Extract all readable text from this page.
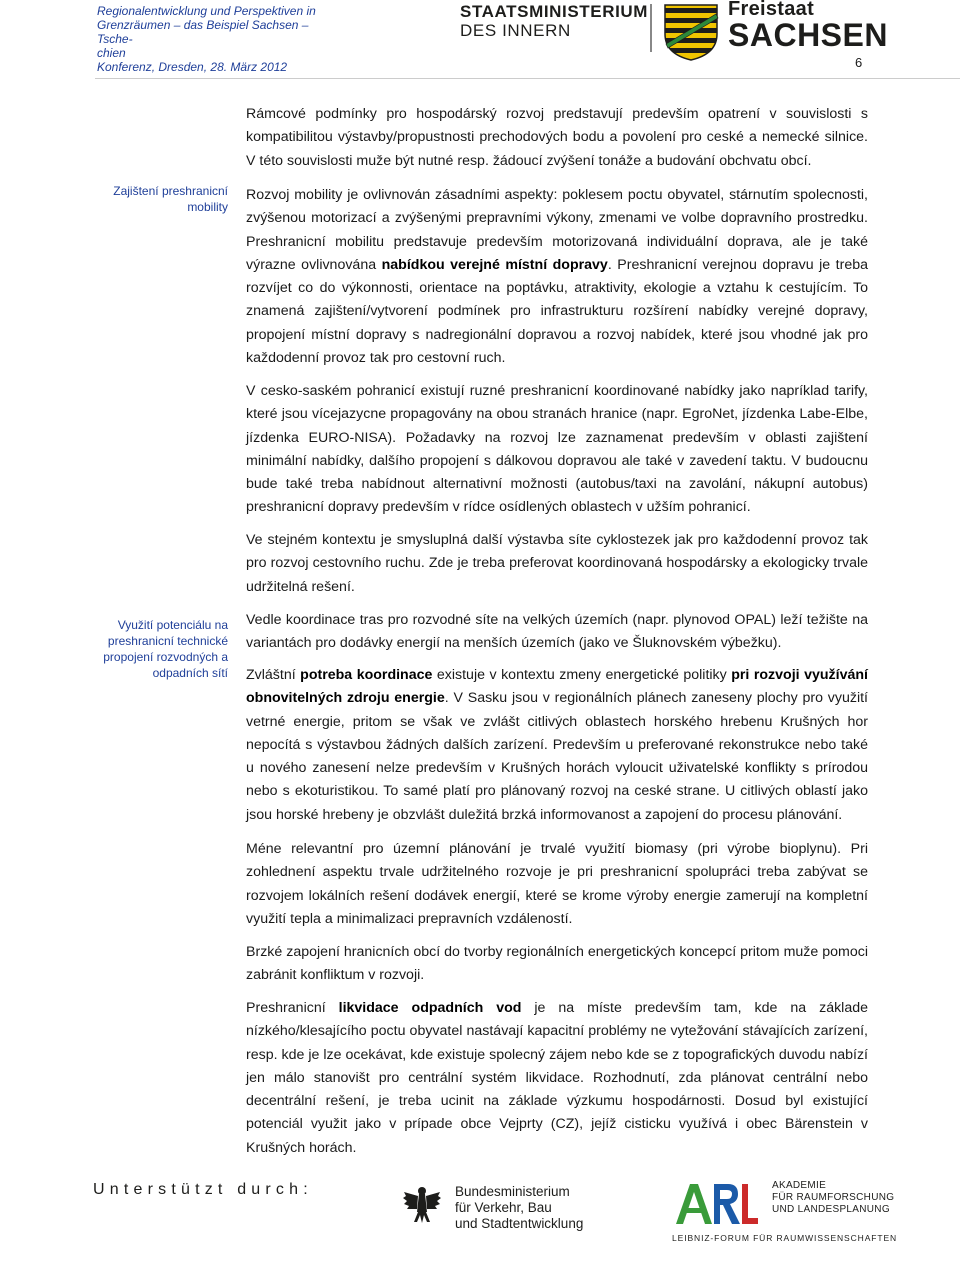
Regionalentwicklung und Perspektiven in
Grenzräumen – das Beispiel Sachsen – Tsche-
chien
Konferenz, Dresden, 28. März 2012
STAATSMINISTERIUM
DES INNERN
Freistaat
SACHSEN
6
Zajištení preshranicní
mobility
Využití potenciálu na
preshranicní technické
propojení rozvodných a
odpadních sítí

Rámcové podmínky pro hospodárský rozvoj predstavují predevším opatrení v souvislosti s kompatibilitou výstavby/propustnosti prechodových bodu a povolení pro ceské a nemecké silnice. V této souvislosti muže být nutné resp. žádoucí zvýšení tonáže a budování obchvatu obcí.

Rozvoj mobility je ovlivnován zásadními aspekty: poklesem poctu obyvatel, stárnutím spolecnosti, zvýšenou motorizací a zvýšenými prepravními výkony, zmenami ve volbe dopravního prostredku. Preshranicní mobilitu predstavuje predevším motorizovaná individuální doprava, ale je také výrazne ovlivnována nabídkou verejné místní dopravy. Preshranicní verejnou dopravu je treba rozvíjet co do výkonnosti, orientace na poptávku, atraktivity, ekologie a vztahu k cestujícím. To znamená zajištení/vytvorení podmínek pro infrastrukturu rozšírení nabídky verejné dopravy, propojení místní dopravy s nadregionální dopravou a rozvoj nabídek, které jsou vhodné jak pro každodenní provoz tak pro cestovní ruch.

V cesko-saském pohranicí existují ruzné preshranicní koordinované nabídky jako napríklad tarify, které jsou vícejazycne propagovány na obou stranách hranice (napr. EgroNet, jízdenka Labe-Elbe, jízdenka EURO-NISA). Požadavky na rozvoj lze zaznamenat predevším v oblasti zajištení minimální nabídky, dalšího propojení s dálkovou dopravou ale také v zavedení taktu. V budoucnu bude také treba nabídnout alternativní možnosti (autobus/taxi na zavolání, nákupní autobus) preshranicní dopravy predevším v rídce osídlených oblastech v užším pohranicí.

Ve stejném kontextu je smysluplná další výstavba síte cyklostezek jak pro každodenní provoz tak pro rozvoj cestovního ruchu. Zde je treba preferovat koordinovaná hospodársky a ekologicky trvale udržitelná rešení.

Vedle koordinace tras pro rozvodné síte na velkých územích (napr. plynovod OPAL) leží težište na variantách pro dodávky energií na menších územích (jako ve Šluknovském výbežku).

Zvláštní potreba koordinace existuje v kontextu zmeny energetické politiky pri rozvoji využívání obnovitelných zdroju energie. V Sasku jsou v regionálních plánech zaneseny plochy pro využití vetrné energie, pritom se však ve zvlášt citlivých oblastech horského hrebenu Krušných hor nepocítá s výstavbou žádných dalších zarízení. Predevším u preferované rekonstrukce nebo také u nového zanesení nelze predevším v Krušných horách vyloucit uživatelské konflikty s prírodou nebo s ekoturistikou. To samé platí pro plánovaný rozvoj na ceské strane. U citlivých oblastí jako jsou horské hrebeny je obzvlášt duležitá brzká informovanost a zapojení do procesu plánování.

Méne relevantní pro územní plánování je trvalé využití biomasy (pri výrobe bioplynu). Pri zohlednení aspektu trvale udržitelného rozvoje je pri preshranicní spolupráci treba zabývat se rozvojem lokálních rešení dodávek energií, které se krome výroby energie zamerují na kompletní využití tepla a minimalizaci prepravních vzdáleností.

Brzké zapojení hranicních obcí do tvorby regionálních energetických koncepcí pritom muže pomoci zabránit konfliktum v rozvoji.

Preshranicní likvidace odpadních vod je na míste predevším tam, kde na základe nízkého/klesajícího poctu obyvatel nastávají kapacitní problémy ne vytežování stávajících zarízení, resp. kde je lze ocekávat, kde existuje spolecný zájem nebo kde se z topografických duvodu nabízí jen málo stanovišt pro centrální systém likvidace. Rozhodnutí, zda plánovat centrální nebo decentrální rešení, je treba ucinit na základe výzkumu hospodárnosti. Dosud byl existující potenciál využit jako v prípade obce Vejprty (CZ), jejíž cisticku využívá i obec Bärenstein v Krušných horách.

Unterstützt durch:	Bundesministerium
für Verkehr, Bau
und Stadtentwicklung
AKADEMIE
FÜR RAUMFORSCHUNG
UND LANDESPLANUNG
LEIBNIZ-FORUM FÜR RAUMWISSENSCHAFTEN
